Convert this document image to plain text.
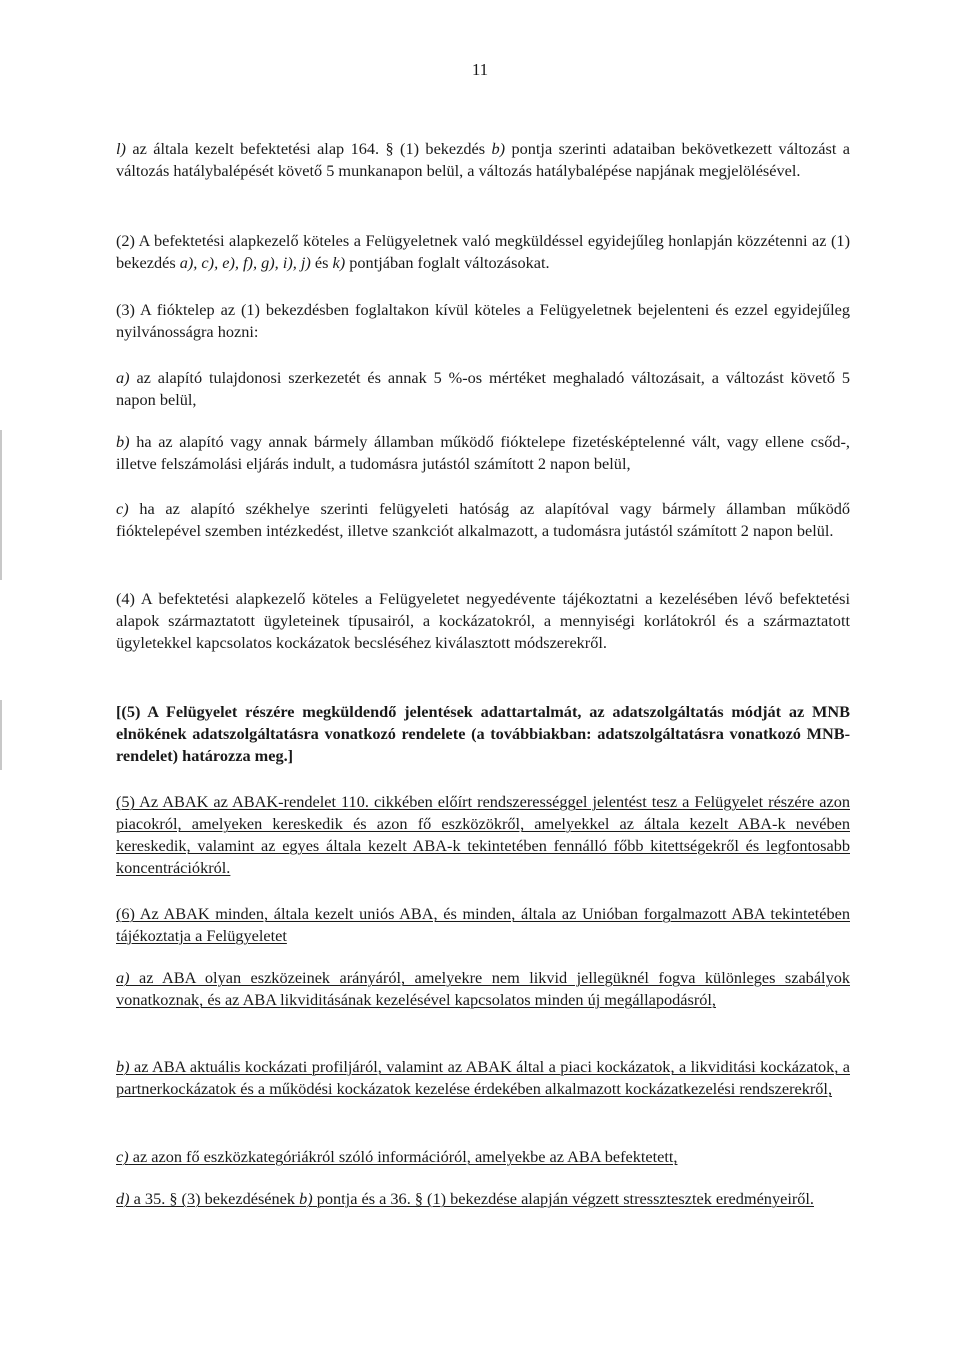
11

l) az általa kezelt befektetési alap 164. § (1) bekezdés b) pontja szerinti adataiban bekövetkezett változást a változás hatálybalépését követő 5 munkanapon belül, a változás hatálybalépése napjának megjelölésével.

(2) A befektetési alapkezelő köteles a Felügyeletnek való megküldéssel egyidejűleg honlapján közzétenni az (1) bekezdés a), c), e), f), g), i), j) és k) pontjában foglalt változásokat.

(3) A fióktelep az (1) bekezdésben foglaltakon kívül köteles a Felügyeletnek bejelenteni és ezzel egyidejűleg nyilvánosságra hozni:

a) az alapító tulajdonosi szerkezetét és annak 5 %-os mértéket meghaladó változásait, a változást követő 5 napon belül,

b) ha az alapító vagy annak bármely államban működő fióktelepe fizetésképtelenné vált, vagy ellene csőd-, illetve felszámolási eljárás indult, a tudomásra jutástól számított 2 napon belül,

c) ha az alapító székhelye szerinti felügyeleti hatóság az alapítóval vagy bármely államban működő fióktelepével szemben intézkedést, illetve szankciót alkalmazott, a tudomásra jutástól számított 2 napon belül.

(4) A befektetési alapkezelő köteles a Felügyeletet negyedévente tájékoztatni a kezelésében lévő befektetési alapok származtatott ügyleteinek típusairól, a kockázatokról, a mennyiségi korlátokról és a származtatott ügyletekkel kapcsolatos kockázatok becsléséhez kiválasztott módszerekről.

[(5) A Felügyelet részére megküldendő jelentések adattartalmát, az adatszolgáltatás módját az MNB elnökének adatszolgáltatásra vonatkozó rendelete (a továbbiakban: adatszolgáltatásra vonatkozó MNB-rendelet) határozza meg.]

(5) Az ABAK az ABAK-rendelet 110. cikkében előírt rendszerességgel jelentést tesz a Felügyelet részére azon piacokról, amelyeken kereskedik és azon fő eszközökről, amelyekkel az általa kezelt ABA-k nevében kereskedik, valamint az egyes általa kezelt ABA-k tekintetében fennálló főbb kitettségekről és legfontosabb koncentrációkról.

(6) Az ABAK minden, általa kezelt uniós ABA, és minden, általa az Unióban forgalmazott ABA tekintetében tájékoztatja a Felügyeletet

a) az ABA olyan eszközeinek arányáról, amelyekre nem likvid jellegüknél fogva különleges szabályok vonatkoznak, és az ABA likviditásának kezelésével kapcsolatos minden új megállapodásról,

b) az ABA aktuális kockázati profiljáról, valamint az ABAK által a piaci kockázatok, a likviditási kockázatok, a partnerkockázatok és a működési kockázatok kezelése érdekében alkalmazott kockázatkezelési rendszerekről,

c) az azon fő eszközkategóriákról szóló információról, amelyekbe az ABA befektetett,

d) a 35. § (3) bekezdésének b) pontja és a 36. § (1) bekezdése alapján végzett stressztesztek eredményeiről.
